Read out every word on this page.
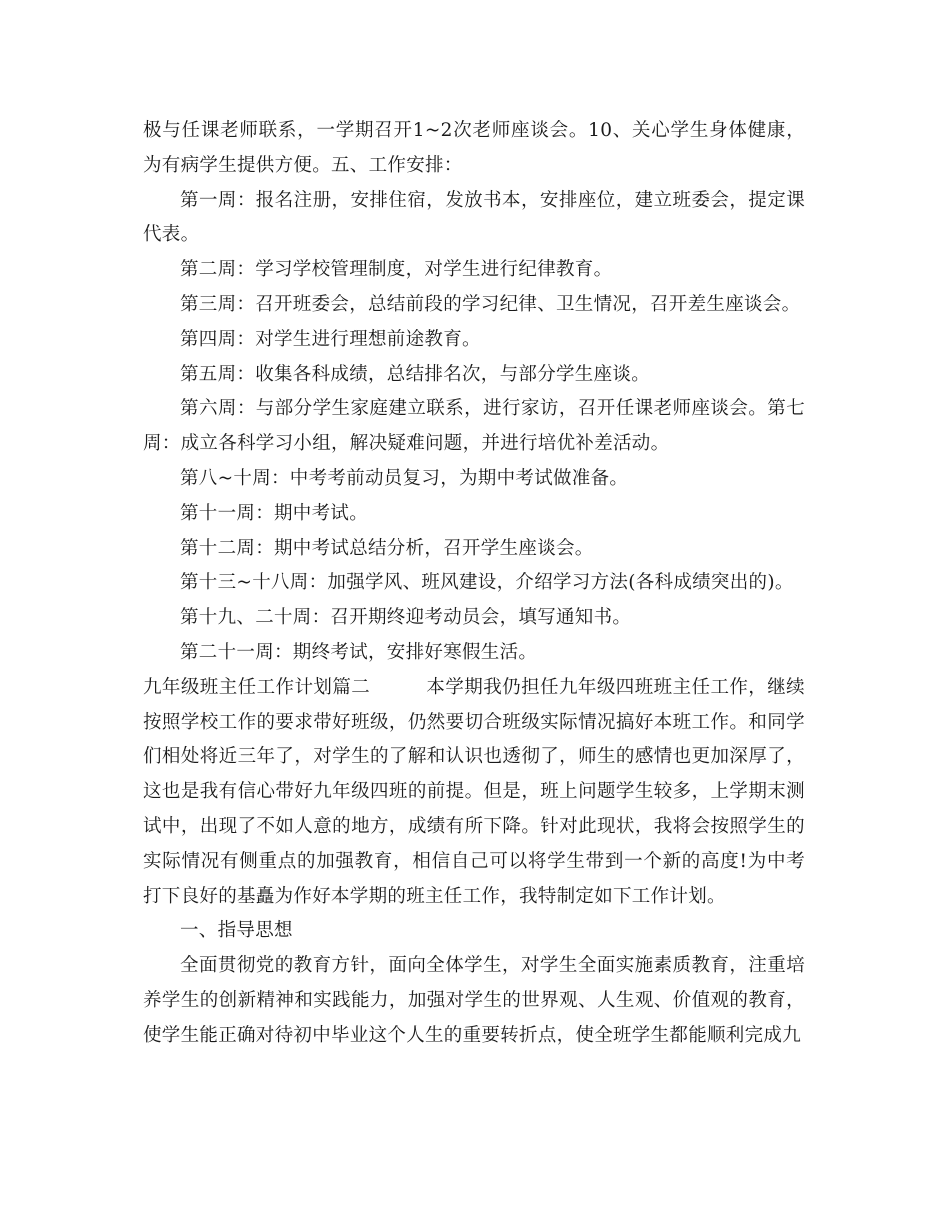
极与任课老师联系，一学期召开1~2次老师座谈会。10、关心学生身体健康，为有病学生提供方便。五、工作安排：

第一周：报名注册，安排住宿，发放书本，安排座位，建立班委会，提定课代表。

第二周：学习学校管理制度，对学生进行纪律教育。

第三周：召开班委会，总结前段的学习纪律、卫生情况，召开差生座谈会。

第四周：对学生进行理想前途教育。

第五周：收集各科成绩，总结排名次，与部分学生座谈。

第六周：与部分学生家庭建立联系，进行家访，召开任课老师座谈会。第七周：成立各科学习小组，解决疑难问题，并进行培优补差活动。

第八~十周：中考考前动员复习，为期中考试做准备。

第十一周：期中考试。

第十二周：期中考试总结分析，召开学生座谈会。

第十三~十八周：加强学风、班风建设，介绍学习方法(各科成绩突出的)。

第十九、二十周：召开期终迎考动员会，填写通知书。

第二十一周：期终考试，安排好寒假生活。

九年级班主任工作计划篇二	本学期我仍担任九年级四班班主任工作，继续按照学校工作的要求带好班级，仍然要切合班级实际情况搞好本班工作。和同学们相处将近三年了，对学生的了解和认识也透彻了，师生的感情也更加深厚了，这也是我有信心带好九年级四班的前提。但是，班上问题学生较多，上学期末测试中，出现了不如人意的地方，成绩有所下降。针对此现状，我将会按照学生的实际情况有侧重点的加强教育，相信自己可以将学生带到一个新的高度!为中考打下良好的基矗为作好本学期的班主任工作，我特制定如下工作计划。

一、指导思想

全面贯彻党的教育方针，面向全体学生，对学生全面实施素质教育，注重培养学生的创新精神和实践能力，加强对学生的世界观、人生观、价值观的教育，使学生能正确对待初中毕业这个人生的重要转折点，使全班学生都能顺利完成九
